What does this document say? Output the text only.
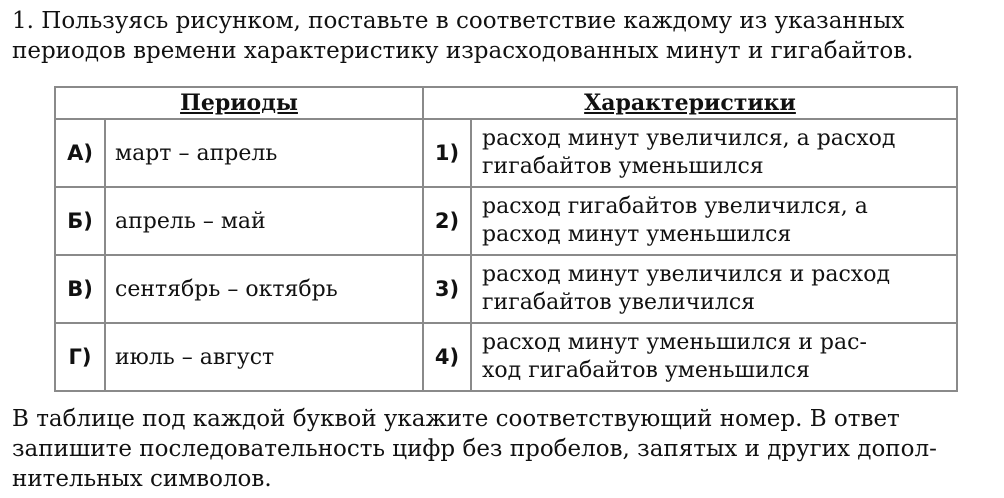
1. Пользуясь рисунком, поставьте в соответствие каждому из указанных
периодов времени характеристику израсходованных минут и гигабайтов.

Периоды		Характеристики	
А)	март – апрель	1)	расход минут увеличился, а расход
гигабайтов уменьшился

Б)	апрель – май	2)	расход гигабайтов увеличился, а
расход минут уменьшился

В)	сентябрь – октябрь	3)	расход минут увеличился и расход
гигабайтов увеличился

Г)	июль – август	4)	расход минут уменьшился и рас-
ход гигабайтов уменьшился

В таблице под каждой буквой укажите соответствующий номер. В ответ
запишите последовательность цифр без пробелов, запятых и других допол-
нительных символов.
